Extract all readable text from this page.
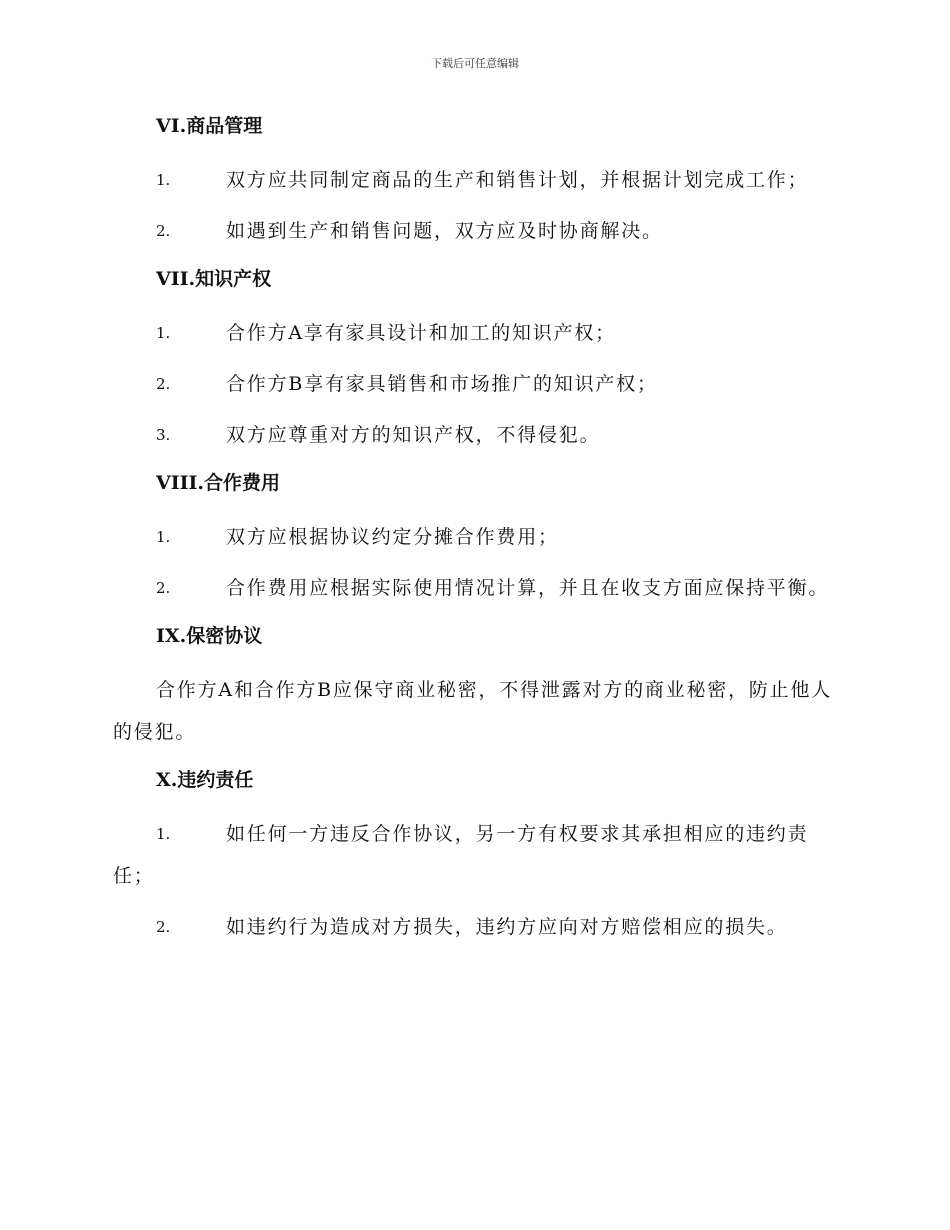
下载后可任意编辑
VI.商品管理
1.	双方应共同制定商品的生产和销售计划，并根据计划完成工作；
2.	如遇到生产和销售问题，双方应及时协商解决。
VII.知识产权
1.	合作方A享有家具设计和加工的知识产权；
2.	合作方B享有家具销售和市场推广的知识产权；
3.	双方应尊重对方的知识产权，不得侵犯。
VIII.合作费用
1.	双方应根据协议约定分摊合作费用；
2.	合作费用应根据实际使用情况计算，并且在收支方面应保持平衡。
IX.保密协议
合作方A和合作方B应保守商业秘密，不得泄露对方的商业秘密，防止他人的侵犯。
X.违约责任
1.	如任何一方违反合作协议，另一方有权要求其承担相应的违约责任；
2.	如违约行为造成对方损失，违约方应向对方赔偿相应的损失。
